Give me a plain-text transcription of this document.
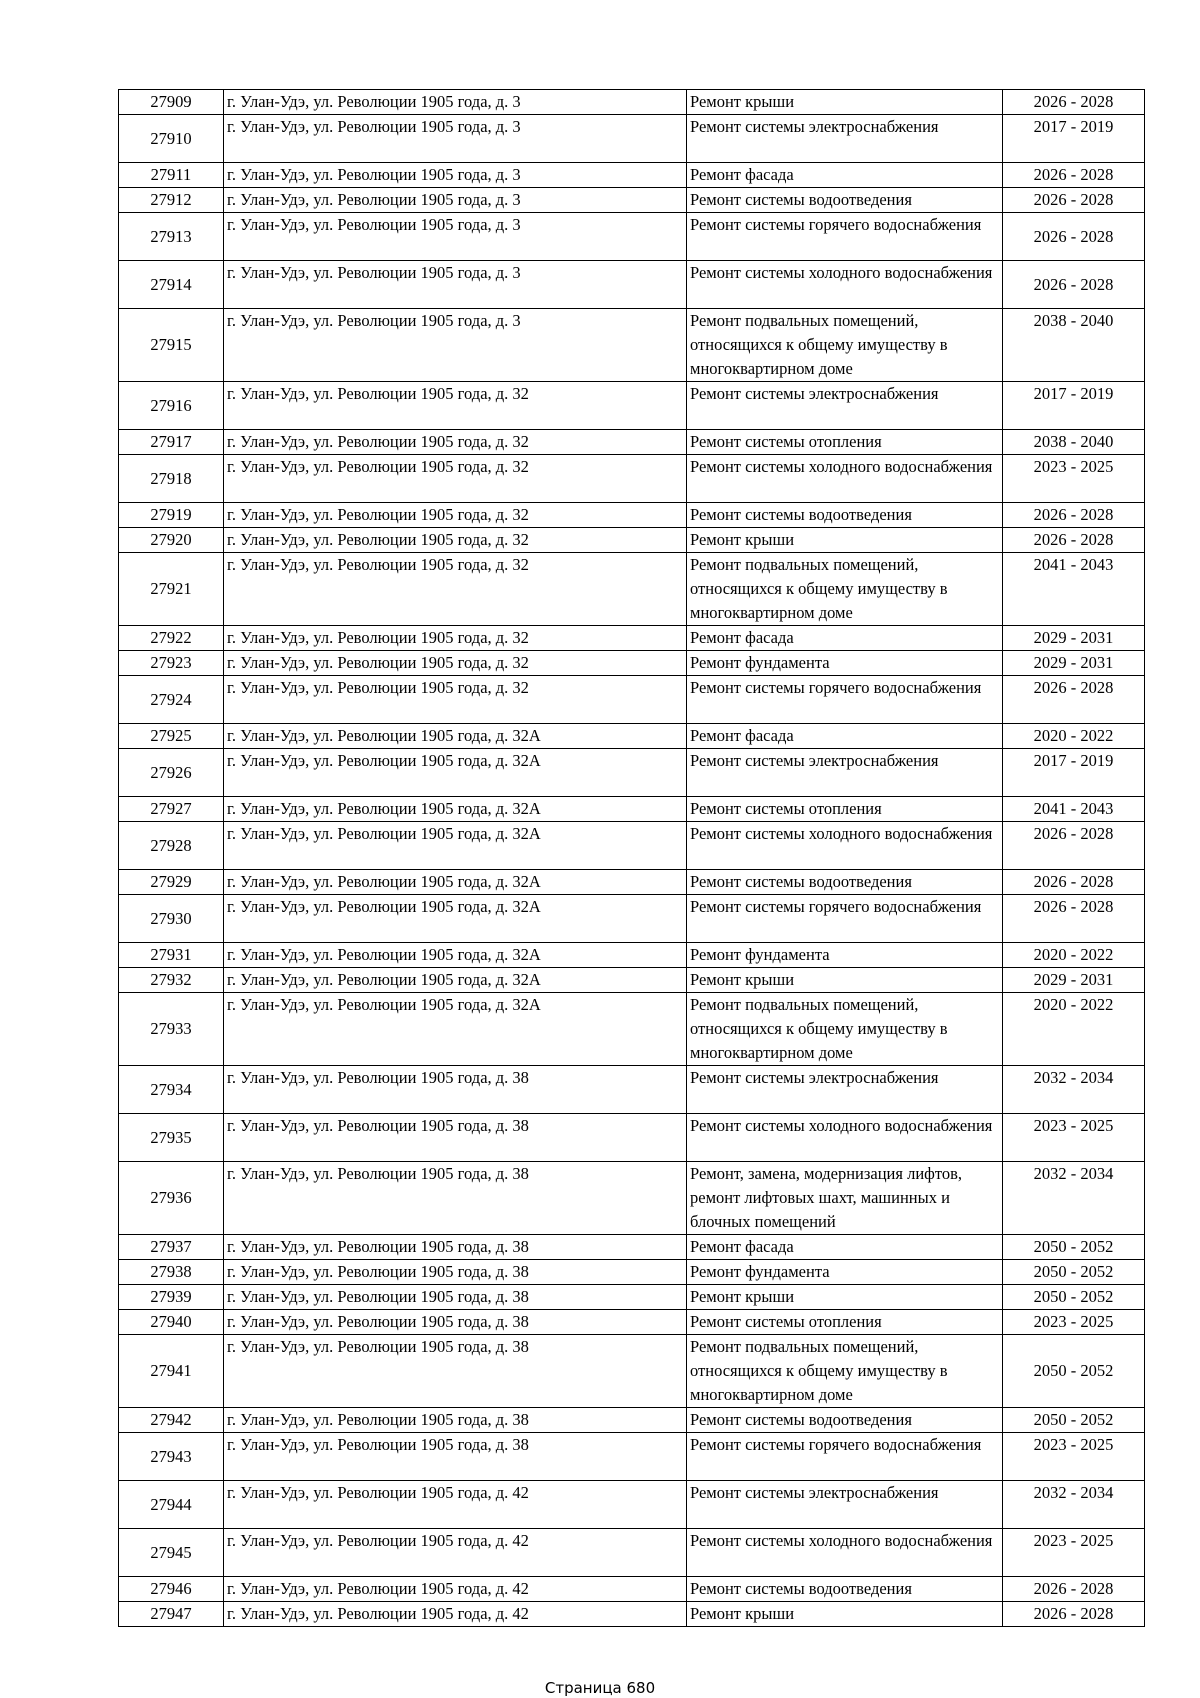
27909	г. Улан-Удэ, ул. Революции 1905 года, д. 3	Ремонт крыши	2026 - 2028
27910	г. Улан-Удэ, ул. Революции 1905 года, д. 3	Ремонт системы электроснабжения	2017 - 2019
27911	г. Улан-Удэ, ул. Революции 1905 года, д. 3	Ремонт фасада	2026 - 2028
27912	г. Улан-Удэ, ул. Революции 1905 года, д. 3	Ремонт системы водоотведения	2026 - 2028
27913	г. Улан-Удэ, ул. Революции 1905 года, д. 3	Ремонт системы горячего водоснабжения	2026 - 2028
27914	г. Улан-Удэ, ул. Революции 1905 года, д. 3	Ремонт системы холодного водоснабжения	2026 - 2028
27915	г. Улан-Удэ, ул. Революции 1905 года, д. 3	Ремонт подвальных помещений, относящихся к общему имуществу в многоквартирном доме	2038 - 2040
27916	г. Улан-Удэ, ул. Революции 1905 года, д. 32	Ремонт системы электроснабжения	2017 - 2019
27917	г. Улан-Удэ, ул. Революции 1905 года, д. 32	Ремонт системы отопления	2038 - 2040
27918	г. Улан-Удэ, ул. Революции 1905 года, д. 32	Ремонт системы холодного водоснабжения	2023 - 2025
27919	г. Улан-Удэ, ул. Революции 1905 года, д. 32	Ремонт системы водоотведения	2026 - 2028
27920	г. Улан-Удэ, ул. Революции 1905 года, д. 32	Ремонт крыши	2026 - 2028
27921	г. Улан-Удэ, ул. Революции 1905 года, д. 32	Ремонт подвальных помещений, относящихся к общему имуществу в многоквартирном доме	2041 - 2043
27922	г. Улан-Удэ, ул. Революции 1905 года, д. 32	Ремонт фасада	2029 - 2031
27923	г. Улан-Удэ, ул. Революции 1905 года, д. 32	Ремонт фундамента	2029 - 2031
27924	г. Улан-Удэ, ул. Революции 1905 года, д. 32	Ремонт системы горячего водоснабжения	2026 - 2028
27925	г. Улан-Удэ, ул. Революции 1905 года, д. 32А	Ремонт фасада	2020 - 2022
27926	г. Улан-Удэ, ул. Революции 1905 года, д. 32А	Ремонт системы электроснабжения	2017 - 2019
27927	г. Улан-Удэ, ул. Революции 1905 года, д. 32А	Ремонт системы отопления	2041 - 2043
27928	г. Улан-Удэ, ул. Революции 1905 года, д. 32А	Ремонт системы холодного водоснабжения	2026 - 2028
27929	г. Улан-Удэ, ул. Революции 1905 года, д. 32А	Ремонт системы водоотведения	2026 - 2028
27930	г. Улан-Удэ, ул. Революции 1905 года, д. 32А	Ремонт системы горячего водоснабжения	2026 - 2028
27931	г. Улан-Удэ, ул. Революции 1905 года, д. 32А	Ремонт фундамента	2020 - 2022
27932	г. Улан-Удэ, ул. Революции 1905 года, д. 32А	Ремонт крыши	2029 - 2031
27933	г. Улан-Удэ, ул. Революции 1905 года, д. 32А	Ремонт подвальных помещений, относящихся к общему имуществу в многоквартирном доме	2020 - 2022
27934	г. Улан-Удэ, ул. Революции 1905 года, д. 38	Ремонт системы электроснабжения	2032 - 2034
27935	г. Улан-Удэ, ул. Революции 1905 года, д. 38	Ремонт системы холодного водоснабжения	2023 - 2025
27936	г. Улан-Удэ, ул. Революции 1905 года, д. 38	Ремонт, замена, модернизация лифтов, ремонт лифтовых шахт, машинных и блочных помещений	2032 - 2034
27937	г. Улан-Удэ, ул. Революции 1905 года, д. 38	Ремонт фасада	2050 - 2052
27938	г. Улан-Удэ, ул. Революции 1905 года, д. 38	Ремонт фундамента	2050 - 2052
27939	г. Улан-Удэ, ул. Революции 1905 года, д. 38	Ремонт крыши	2050 - 2052
27940	г. Улан-Удэ, ул. Революции 1905 года, д. 38	Ремонт системы отопления	2023 - 2025
27941	г. Улан-Удэ, ул. Революции 1905 года, д. 38	Ремонт подвальных помещений, относящихся к общему имуществу в многоквартирном доме	2050 - 2052
27942	г. Улан-Удэ, ул. Революции 1905 года, д. 38	Ремонт системы водоотведения	2050 - 2052
27943	г. Улан-Удэ, ул. Революции 1905 года, д. 38	Ремонт системы горячего водоснабжения	2023 - 2025
27944	г. Улан-Удэ, ул. Революции 1905 года, д. 42	Ремонт системы электроснабжения	2032 - 2034
27945	г. Улан-Удэ, ул. Революции 1905 года, д. 42	Ремонт системы холодного водоснабжения	2023 - 2025
27946	г. Улан-Удэ, ул. Революции 1905 года, д. 42	Ремонт системы водоотведения	2026 - 2028
27947	г. Улан-Удэ, ул. Революции 1905 года, д. 42	Ремонт крыши	2026 - 2028
Страница 680
